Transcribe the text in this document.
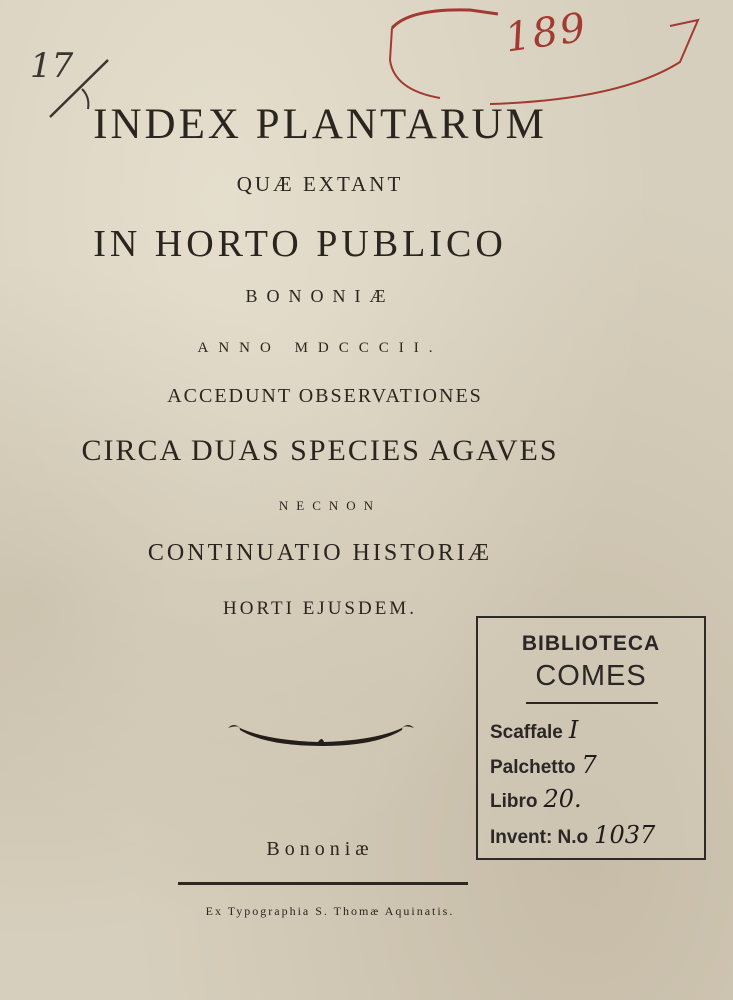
17
189
INDEX PLANTARUM
QUÆ EXTANT
IN HORTO PUBLICO
BONONIÆ
ANNO MDCCCII.
ACCEDUNT OBSERVATIONES
CIRCA DUAS SPECIES AGAVES
NECNON
CONTINUATIO HISTORIÆ
HORTI EJUSDEM.
Bononiæ
Ex Typographia S. Thomæ Aquinatis.
BIBLIOTECA
COMES
Scaffale I
Palchetto 7
Libro 20.
Invent: N.o 1037
